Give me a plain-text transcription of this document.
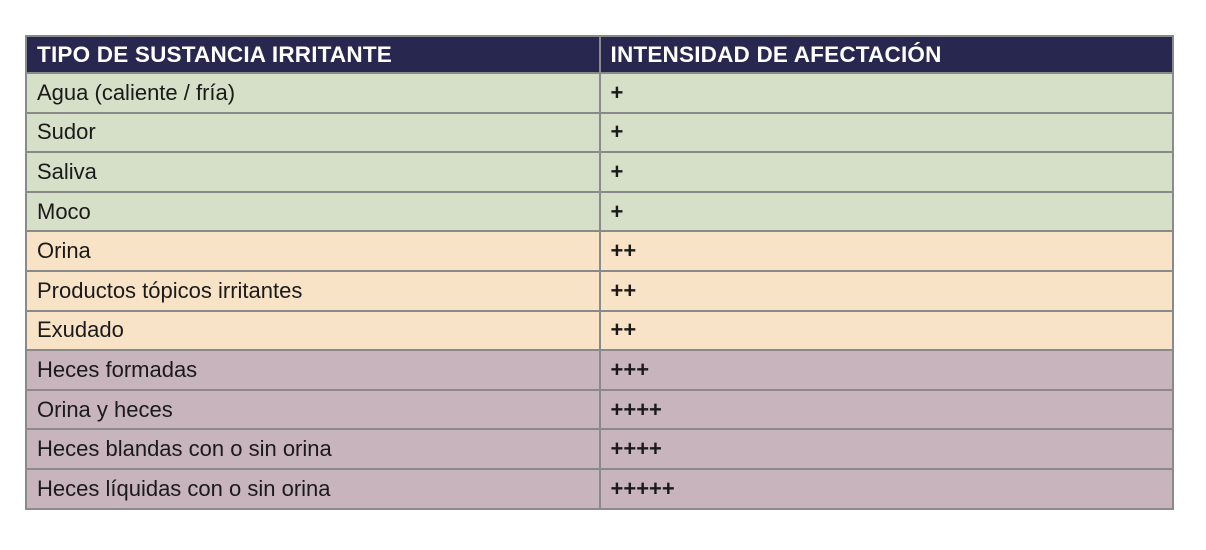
TIPO DE SUSTANCIA IRRITANTE	INTENSIDAD DE AFECTACIÓN
Agua (caliente / fría)	+
Sudor	+
Saliva	+
Moco	+
Orina	++
Productos tópicos irritantes	++
Exudado	++
Heces formadas	+++
Orina y heces	++++
Heces blandas con o sin orina	++++
Heces líquidas con o sin orina	+++++
